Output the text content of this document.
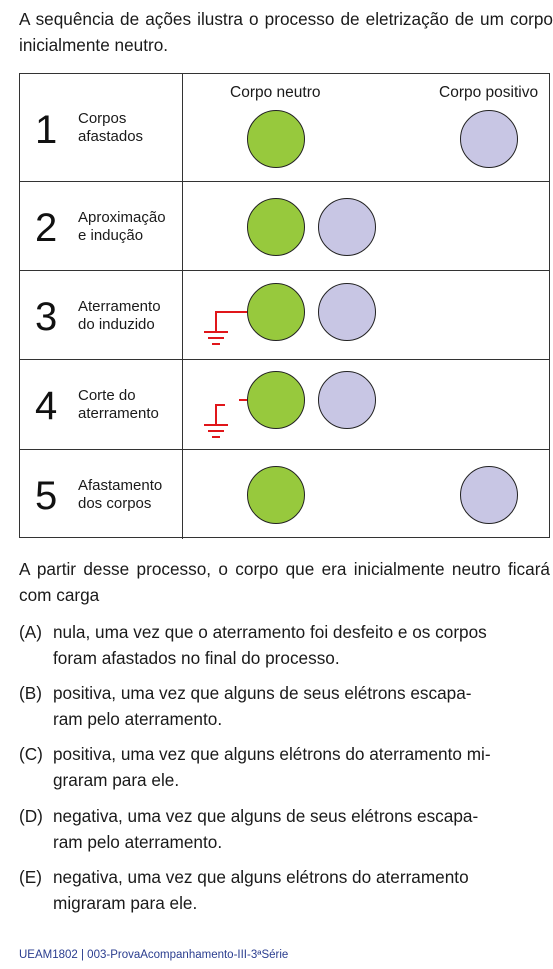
A sequência de ações ilustra o processo de eletrização de um corpo inicialmente neutro.
1 Corpos
afastados
Corpo neutro	Corpo positivo
2 Aproximação
e indução
3 Aterramento
do induzido
4 Corte do
aterramento
5 Afastamento
dos corpos
A partir desse processo, o corpo que era inicialmente neutro ficará com carga
(A) nula, uma vez que o aterramento foi desfeito e os corpos
foram afastados no final do processo.
(B) positiva, uma vez que alguns de seus elétrons escapa-
ram pelo aterramento.
(C) positiva, uma vez que alguns elétrons do aterramento mi-
graram para ele.
(D) negativa, uma vez que alguns de seus elétrons escapa-
ram pelo aterramento.
(E) negativa, uma vez que alguns elétrons do aterramento
migraram para ele.
UEAM1802 | 003-ProvaAcompanhamento-III-3ªSérie
